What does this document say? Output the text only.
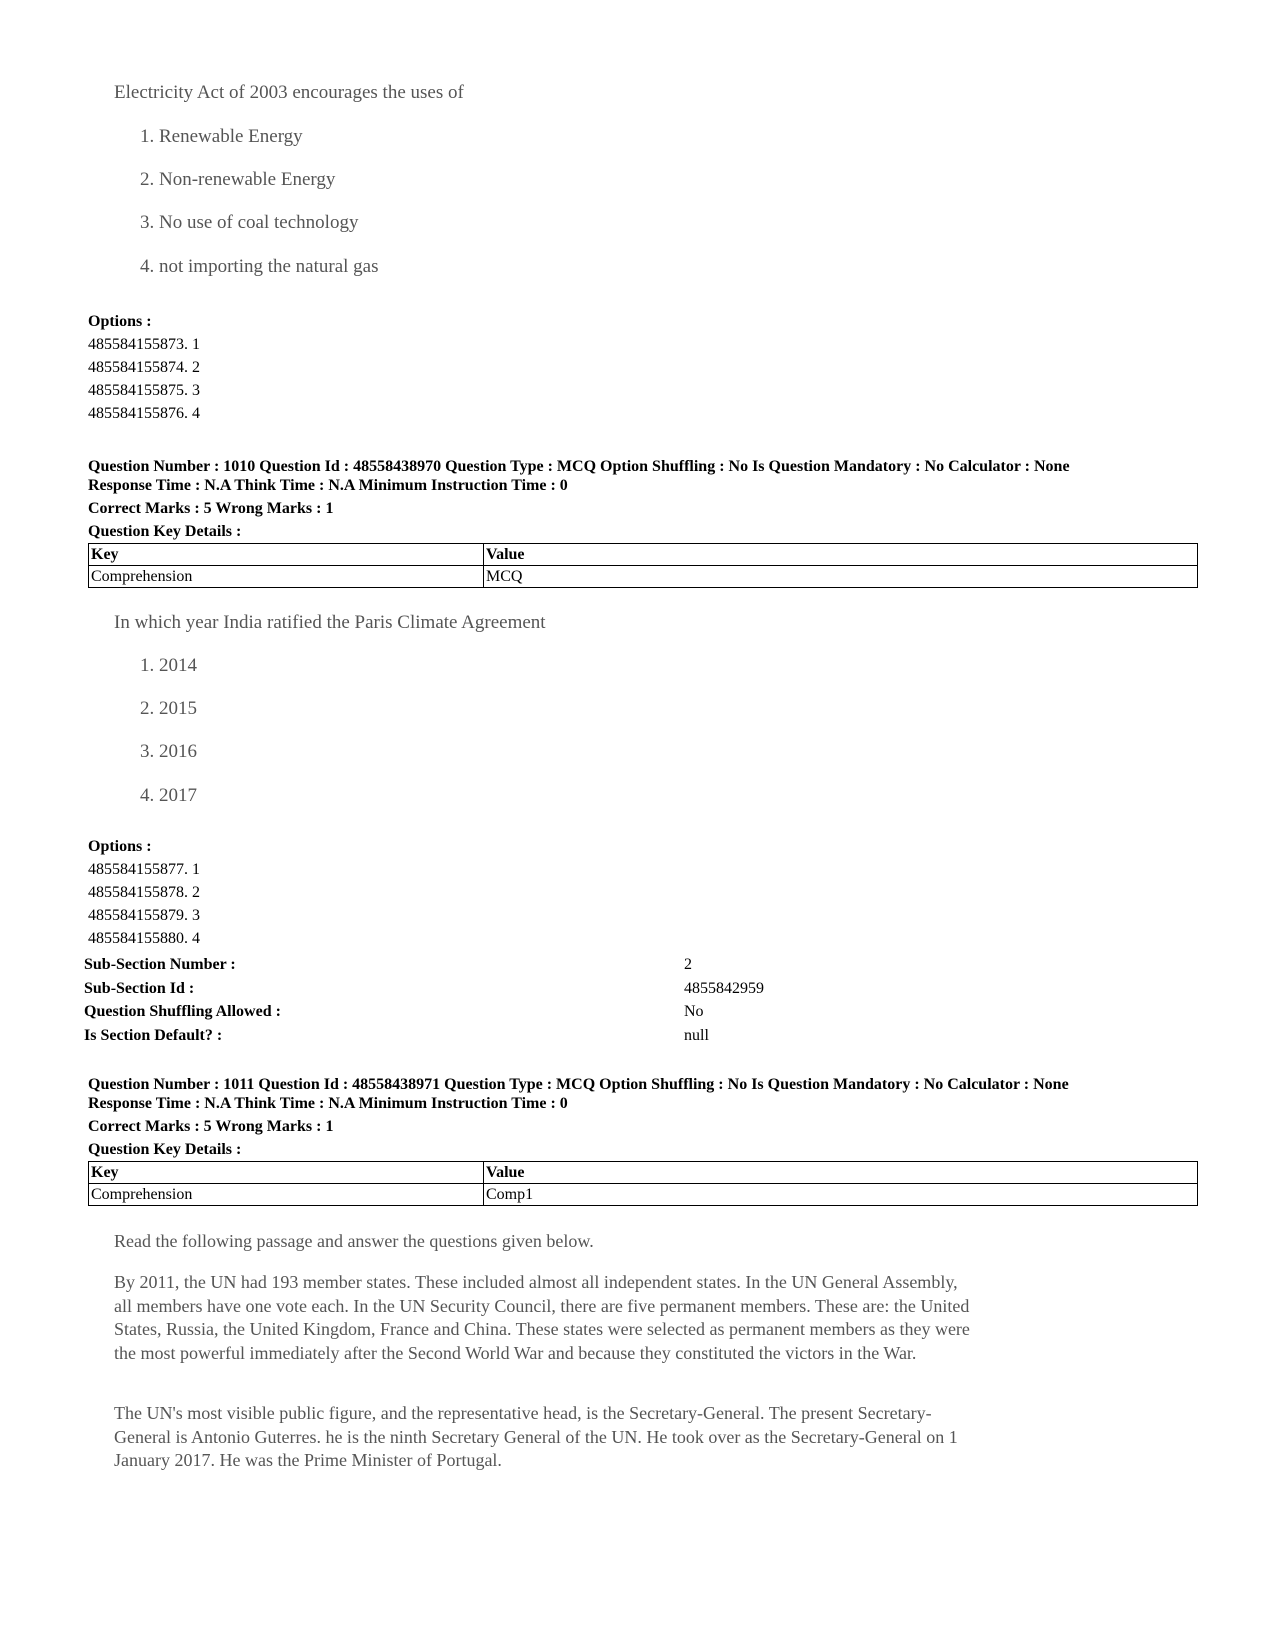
Electricity Act of 2003 encourages the uses of
1. Renewable Energy
2. Non-renewable Energy
3. No use of coal technology
4. not importing the natural gas
Options :
485584155873. 1
485584155874. 2
485584155875. 3
485584155876. 4
Question Number : 1010 Question Id : 48558438970 Question Type : MCQ Option Shuffling : No Is Question Mandatory : No Calculator : None
Response Time : N.A Think Time : N.A Minimum Instruction Time : 0
Correct Marks : 5 Wrong Marks : 1
Question Key Details :
Key	Value
Comprehension	MCQ
In which year India ratified the Paris Climate Agreement
1. 2014
2. 2015
3. 2016
4. 2017
Options :
485584155877. 1
485584155878. 2
485584155879. 3
485584155880. 4
Sub-Section Number :	2
Sub-Section Id :	4855842959
Question Shuffling Allowed :	No
Is Section Default? :	null
Question Number : 1011 Question Id : 48558438971 Question Type : MCQ Option Shuffling : No Is Question Mandatory : No Calculator : None
Response Time : N.A Think Time : N.A Minimum Instruction Time : 0
Correct Marks : 5 Wrong Marks : 1
Question Key Details :
Key	Value
Comprehension	Comp1
Read the following passage and answer the questions given below.
By 2011, the UN had 193 member states. These included almost all independent states. In the UN General Assembly, all members have one vote each. In the UN Security Council, there are five permanent members. These are: the United States, Russia, the United Kingdom, France and China. These states were selected as permanent members as they were the most powerful immediately after the Second World War and because they constituted the victors in the War.
The UN's most visible public figure, and the representative head, is the Secretary-General. The present Secretary-General is Antonio Guterres. he is the ninth Secretary General of the UN. He took over as the Secretary-General on 1 January 2017. He was the Prime Minister of Portugal.
